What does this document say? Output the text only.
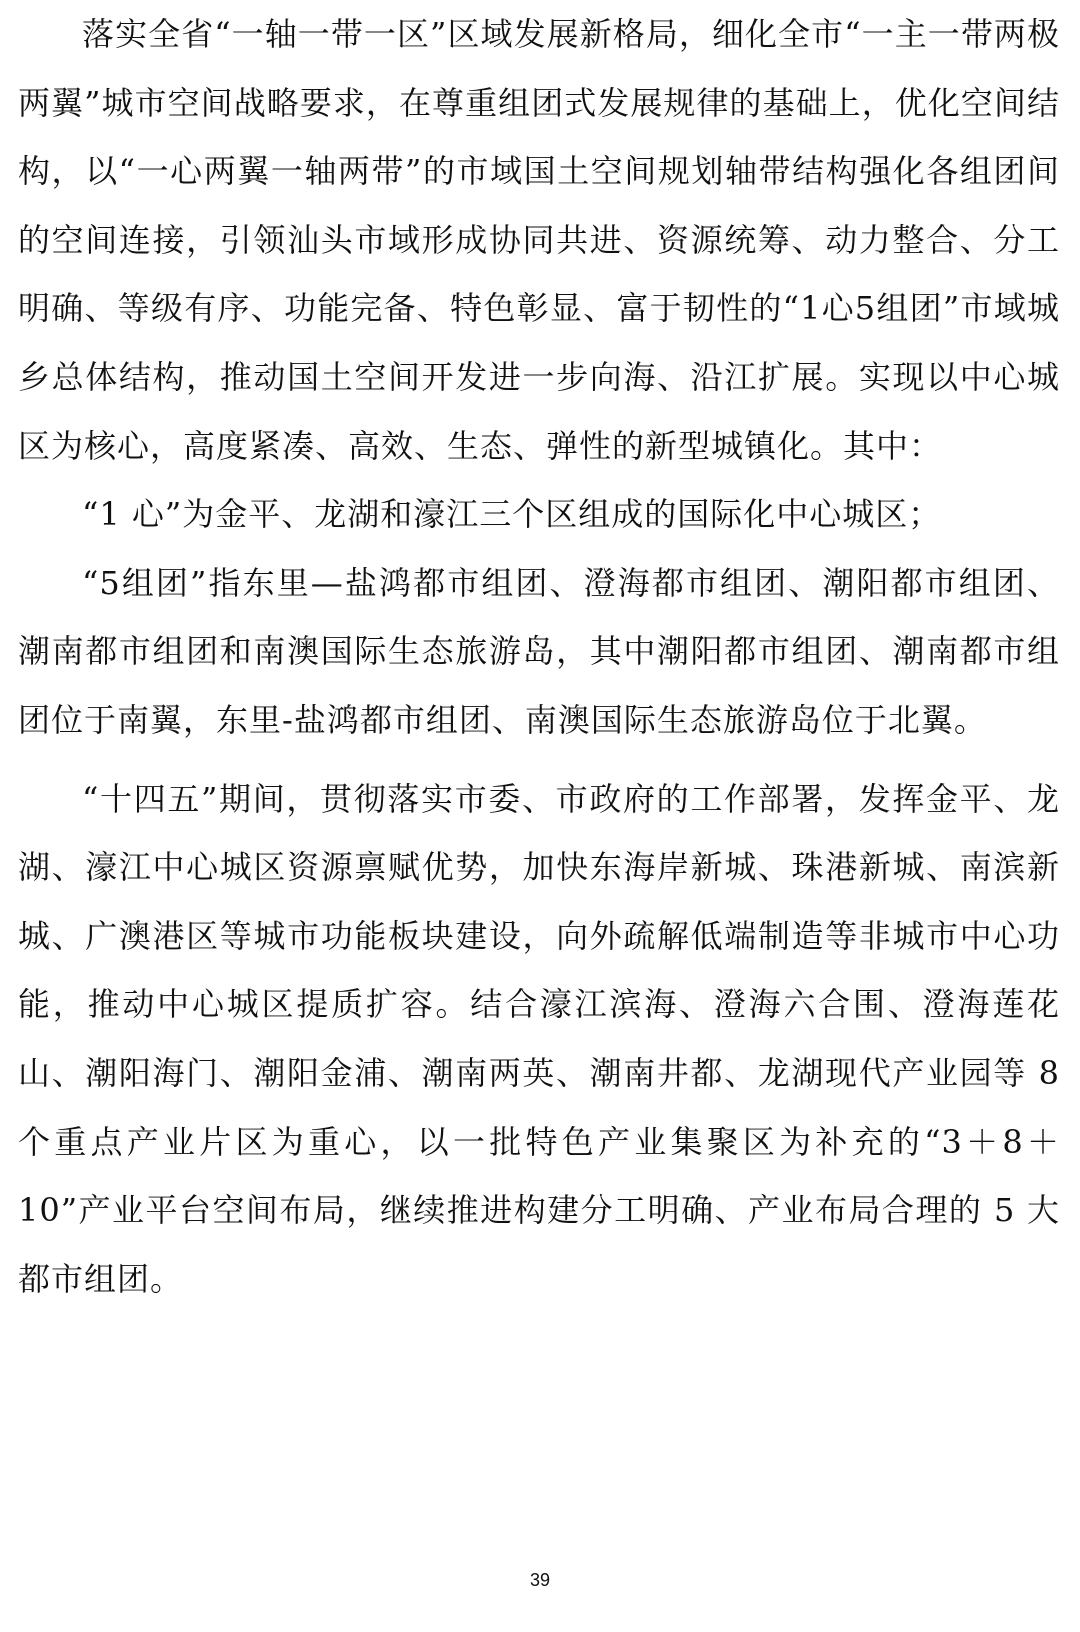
落实全省“一轴一带一区”区域发展新格局，细化全市“一主一带两极两翼”城市空间战略要求，在尊重组团式发展规律的基础上，优化空间结构，以“一心两翼一轴两带”的市域国土空间规划轴带结构强化各组团间的空间连接，引领汕头市域形成协同共进、资源统筹、动力整合、分工明确、等级有序、功能完备、特色彰显、富于韧性的“1心5组团”市域城乡总体结构，推动国土空间开发进一步向海、沿江扩展。实现以中心城区为核心，高度紧凑、高效、生态、弹性的新型城镇化。其中：

“1 心”为金平、龙湖和濠江三个区组成的国际化中心城区；

“5组团”指东里—盐鸿都市组团、澄海都市组团、潮阳都市组团、潮南都市组团和南澳国际生态旅游岛，其中潮阳都市组团、潮南都市组团位于南翼，东里-盐鸿都市组团、南澳国际生态旅游岛位于北翼。

“十四五”期间，贯彻落实市委、市政府的工作部署，发挥金平、龙湖、濠江中心城区资源禀赋优势，加快东海岸新城、珠港新城、南滨新城、广澳港区等城市功能板块建设，向外疏解低端制造等非城市中心功能，推动中心城区提质扩容。结合濠江滨海、澄海六合围、澄海莲花山、潮阳海门、潮阳金浦、潮南两英、潮南井都、龙湖现代产业园等 8 个重点产业片区为重心，以一批特色产业集聚区为补充的“3＋8＋10”产业平台空间布局，继续推进构建分工明确、产业布局合理的 5 大都市组团。

39
